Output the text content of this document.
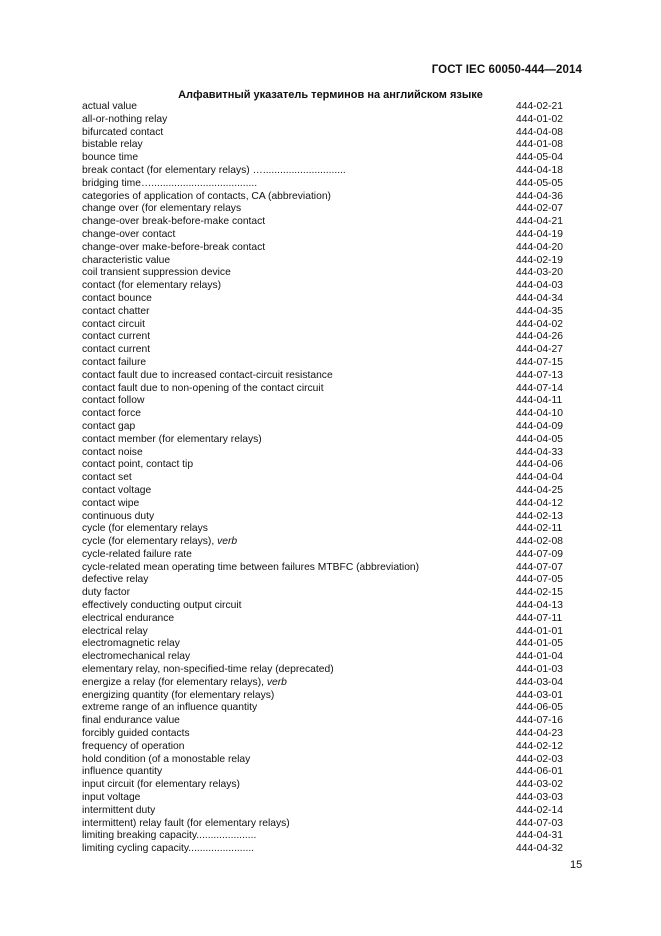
ГОСТ IEC 60050-444—2014
Алфавитный указатель терминов на английском языке
actual value	444-02-21
all-or-nothing relay	444-01-02
bifurcated contact	444-04-08
bistable relay	444-01-08
bounce time	444-05-04
break contact (for elementary relays) ….............................	444-04-18
bridging time….....................................	444-05-05
categories of application of contacts, CA (abbreviation)	444-04-36
change over (for elementary relays	444-02-07
change-over break-before-make contact	444-04-21
change-over contact	444-04-19
change-over make-before-break contact	444-04-20
characteristic value	444-02-19
coil transient suppression device	444-03-20
contact (for elementary relays)	444-04-03
contact bounce	444-04-34
contact chatter	444-04-35
contact circuit	444-04-02
contact current	444-04-26
contact current	444-04-27
contact failure	444-07-15
contact fault due to increased contact-circuit resistance	444-07-13
contact fault due to non-opening of the contact circuit	444-07-14
contact follow	444-04-11
contact force	444-04-10
contact gap	444-04-09
contact member (for elementary relays)	444-04-05
contact noise	444-04-33
contact point, contact tip	444-04-06
contact set	444-04-04
contact voltage	444-04-25
contact wipe	444-04-12
continuous duty	444-02-13
cycle (for elementary relays	444-02-11
cycle (for elementary relays), verb	444-02-08
cycle-related failure rate	444-07-09
cycle-related mean operating time between failures MTBFC (abbreviation)	444-07-07
defective relay	444-07-05
duty factor	444-02-15
effectively conducting output circuit	444-04-13
electrical endurance	444-07-11
electrical relay	444-01-01
electromagnetic relay	444-01-05
electromechanical relay	444-01-04
elementary relay, non-specified-time relay (deprecated)	444-01-03
energize a relay (for elementary relays), verb	444-03-04
energizing quantity (for elementary relays)	444-03-01
extreme range of an influence quantity	444-06-05
final endurance value	444-07-16
forcibly guided contacts	444-04-23
frequency of operation	444-02-12
hold condition (of a monostable relay	444-02-03
influence quantity	444-06-01
input circuit (for elementary relays)	444-03-02
input voltage	444-03-03
intermittent duty	444-02-14
intermittent) relay fault (for elementary relays)	444-07-03
limiting breaking capacity.....................	444-04-31
limiting cycling capacity.......................	444-04-32
15
